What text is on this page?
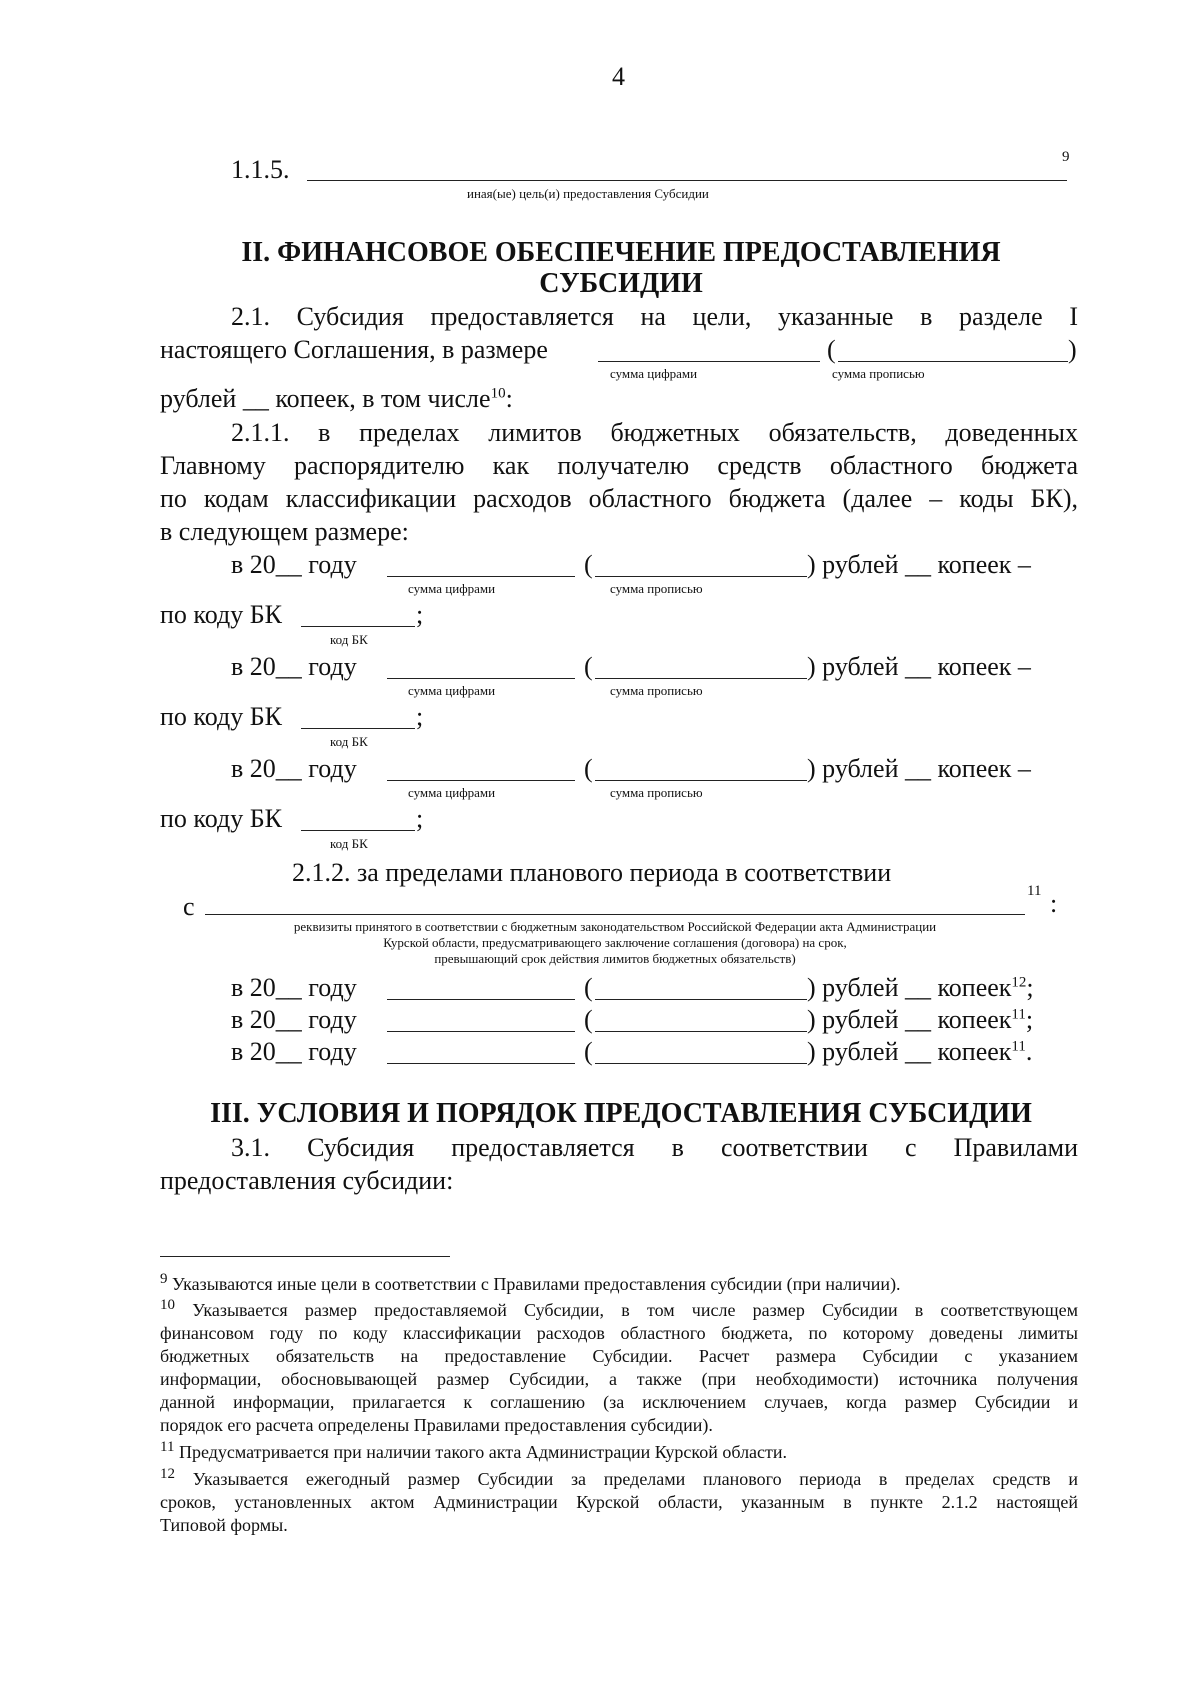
4
1.1.5.	9
иная(ые) цель(и) предоставления Субсидии
II. ФИНАНСОВОЕ ОБЕСПЕЧЕНИЕ ПРЕДОСТАВЛЕНИЯ
СУБСИДИИ
2.1. Субсидия предоставляется на цели, указанные в разделе I
настоящего Соглашения, в размере	(	)
сумма цифрами	сумма прописью
рублей __ копеек, в том числе$^{10}$:
2.1.1. в пределах лимитов бюджетных обязательств, доведенных
Главному распорядителю как получателю средств областного бюджета
по кодам классификации расходов областного бюджета (далее – коды БК),
в следующем размере:
в 20__ году	(	) рублей __ копеек –
сумма цифрами	сумма прописью
по коду БК	;
код БК
в 20__ году	(	) рублей __ копеек –
сумма цифрами	сумма прописью
по коду БК	;
код БК
в 20__ году	(	) рублей __ копеек –
сумма цифрами	сумма прописью
по коду БК	;
код БК
2.1.2. за пределами планового периода в соответствии
с
11 :
реквизиты принятого в соответствии с бюджетным законодательством Российской Федерации акта Администрации
Курской области, предусматривающего заключение соглашения (договора) на срок,
превышающий срок действия лимитов бюджетных обязательств)
в 20__ году	(	) рублей __ копеек$^{12}$;
в 20__ году	(	) рублей __ копеек$^{11}$;
в 20__ году	(	) рублей __ копеек$^{11}$.
III. УСЛОВИЯ И ПОРЯДОК ПРЕДОСТАВЛЕНИЯ СУБСИДИИ
3.1. Субсидия предоставляется в соответствии с Правилами
предоставления субсидии:
$^9$ Указываются иные цели в соответствии с Правилами предоставления субсидии (при наличии).
$^{10}$ Указывается размер предоставляемой Субсидии, в том числе размер Субсидии в соответствующем
финансовом году по коду классификации расходов областного бюджета, по которому доведены лимиты
бюджетных обязательств на предоставление Субсидии. Расчет размера Субсидии с указанием
информации, обосновывающей размер Субсидии, а также (при необходимости) источника получения
данной информации, прилагается к соглашению (за исключением случаев, когда размер Субсидии и
порядок его расчета определены Правилами предоставления субсидии).
$^{11}$ Предусматривается при наличии такого акта Администрации Курской области.
$^{12}$ Указывается ежегодный размер Субсидии за пределами планового периода в пределах средств и
сроков, установленных актом Администрации Курской области, указанным в пункте 2.1.2 настоящей
Типовой формы.
